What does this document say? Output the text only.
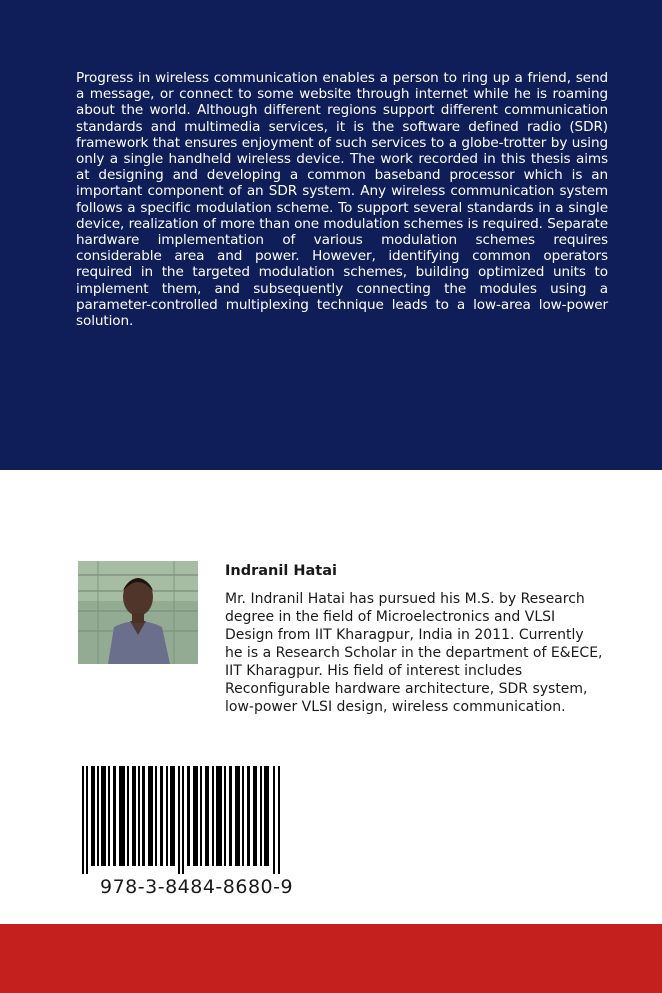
Progress in wireless communication enables a person to ring up a friend, send a message, or connect to some website through internet while he is roaming about the world. Although different regions support different communication standards and multimedia services, it is the software defined radio (SDR) framework that ensures enjoyment of such services to a globe-trotter by using only a single handheld wireless device. The work recorded in this thesis aims at designing and developing a common baseband processor which is an important component of an SDR system. Any wireless communication system follows a specific modulation scheme. To support several standards in a single device, realization of more than one modulation schemes is required. Separate hardware implementation of various modulation schemes requires considerable area and power. However, identifying common operators required in the targeted modulation schemes, building optimized units to implement them, and subsequently connecting the modules using a parameter-controlled multiplexing technique leads to a low-area low-power solution.

Indranil Hatai

Mr. Indranil Hatai has pursued his M.S. by Research degree in the field of Microelectronics and VLSI Design from IIT Kharagpur, India in 2011. Currently he is a Research Scholar in the department of E&ECE, IIT Kharagpur. His field of interest includes Reconfigurable hardware architecture, SDR system, low-power VLSI design, wireless communication.

978-3-8484-8680-9
